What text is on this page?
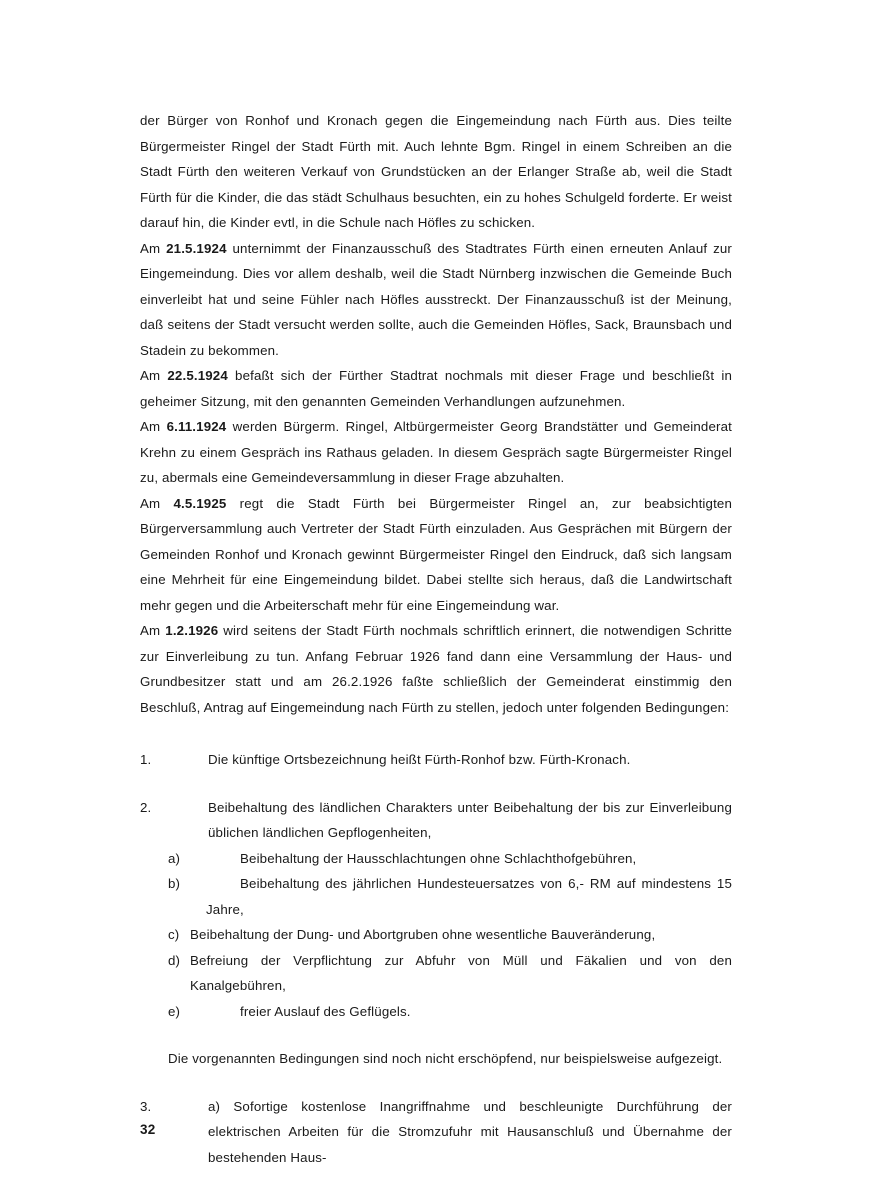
der Bürger von Ronhof und Kronach gegen die Eingemeindung nach Fürth aus. Dies teilte Bürgermeister Ringel der Stadt Fürth mit. Auch lehnte Bgm. Ringel in einem Schreiben an die Stadt Fürth den weiteren Verkauf von Grundstücken an der Erlanger Straße ab, weil die Stadt Fürth für die Kinder, die das städt Schulhaus besuchten, ein zu hohes Schulgeld forderte. Er weist darauf hin, die Kinder evtl, in die Schule nach Höfles zu schicken.

Am 21.5.1924 unternimmt der Finanzausschuß des Stadtrates Fürth einen erneuten Anlauf zur Eingemeindung. Dies vor allem deshalb, weil die Stadt Nürnberg inzwischen die Gemeinde Buch einverleibt hat und seine Fühler nach Höfles ausstreckt. Der Finanzausschuß ist der Meinung, daß seitens der Stadt versucht werden sollte, auch die Gemeinden Höfles, Sack, Braunsbach und Stadein zu bekommen.

Am 22.5.1924 befaßt sich der Fürther Stadtrat nochmals mit dieser Frage und beschließt in geheimer Sitzung, mit den genannten Gemeinden Verhandlungen aufzunehmen.

Am 6.11.1924 werden Bürgerm. Ringel, Altbürgermeister Georg Brandstätter und Gemeinderat Krehn zu einem Gespräch ins Rathaus geladen. In diesem Gespräch sagte Bürgermeister Ringel zu, abermals eine Gemeindeversammlung in dieser Frage abzuhalten.

Am 4.5.1925 regt die Stadt Fürth bei Bürgermeister Ringel an, zur beabsichtigten Bürgerversammlung auch Vertreter der Stadt Fürth einzuladen. Aus Gesprächen mit Bürgern der Gemeinden Ronhof und Kronach gewinnt Bürgermeister Ringel den Eindruck, daß sich langsam eine Mehrheit für eine Eingemeindung bildet. Dabei stellte sich heraus, daß die Landwirtschaft mehr gegen und die Arbeiterschaft mehr für eine Eingemeindung war.

Am 1.2.1926 wird seitens der Stadt Fürth nochmals schriftlich erinnert, die notwendigen Schritte zur Einverleibung zu tun. Anfang Februar 1926 fand dann eine Versammlung der Haus- und Grundbesitzer statt und am 26.2.1926 faßte schließlich der Gemeinderat einstimmig den Beschluß, Antrag auf Eingemeindung nach Fürth zu stellen, jedoch unter folgenden Bedingungen:

1.	Die künftige Ortsbezeichnung heißt Fürth-Ronhof bzw. Fürth-Kronach.
2.	Beibehaltung des ländlichen Charakters unter Beibehaltung der bis zur Einverleibung üblichen ländlichen Gepflogenheiten,
a)	Beibehaltung der Hausschlachtungen ohne Schlachthofgebühren,
b)	Beibehaltung des jährlichen Hundesteuersatzes von 6,- RM auf mindestens 15 Jahre,
c) Beibehaltung der Dung- und Abortgruben ohne wesentliche Bauveränderung,
d) Befreiung der Verpflichtung zur Abfuhr von Müll und Fäkalien und von den Kanalgebühren,
e)	freier Auslauf des Geflügels.

Die vorgenannten Bedingungen sind noch nicht erschöpfend, nur beispielsweise aufgezeigt.

3.	a) Sofortige kostenlose Inangriffnahme und beschleunigte Durchführung der elektrischen Arbeiten für die Stromzufuhr mit Hausanschluß und Übernahme der bestehenden Haus-
32
